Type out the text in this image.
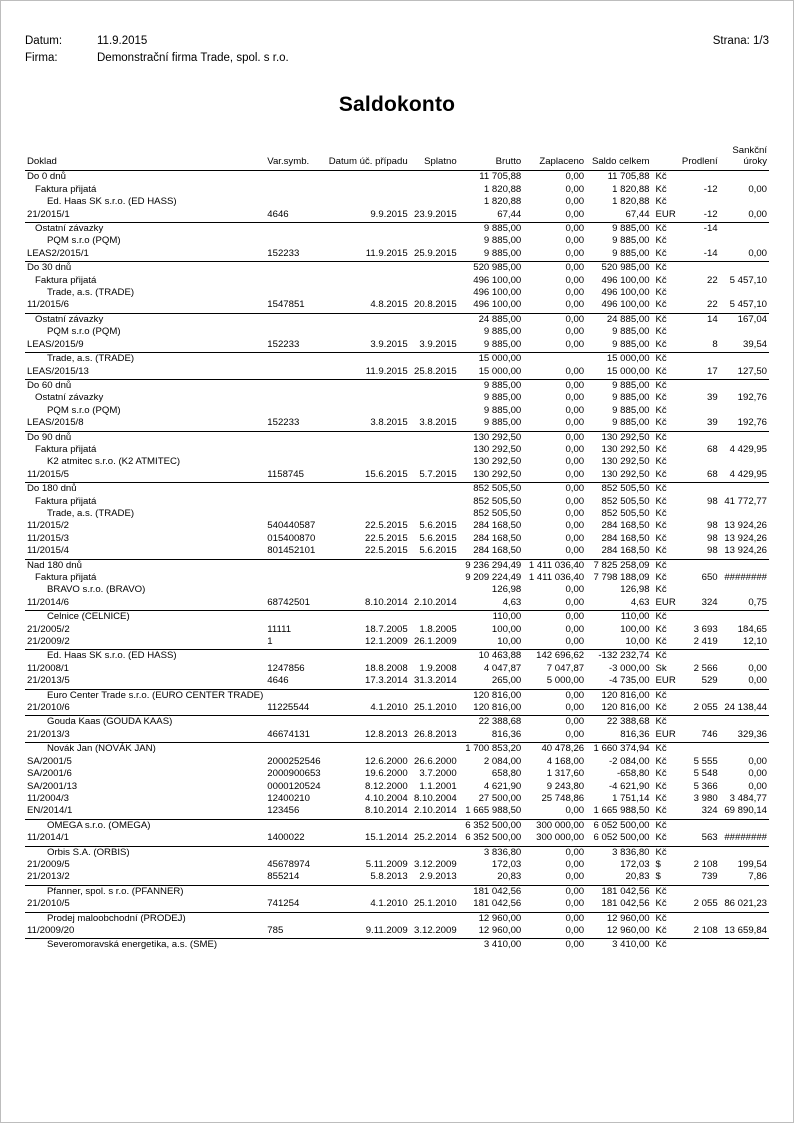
Datum:	11.9.2015	Strana: 1/3
Firma:	Demonstrační firma Trade, spol. s r.o.
Saldokonto
									Sankční
Doklad	Var.symb.	Datum úč. případu	Splatno	Brutto	Zaplaceno	Saldo celkem		Prodlení	úroky
Do 0 dnů				11 705,88	0,00	11 705,88	Kč		
Faktura přijatá				1 820,88	0,00	1 820,88	Kč	-12	0,00
Ed. Haas SK s.r.o. (ED HASS)				1 820,88	0,00	1 820,88	Kč		
21/2015/1	4646	9.9.2015	23.9.2015	67,44	0,00	67,44	EUR	-12	0,00
Ostatní závazky				9 885,00	0,00	9 885,00	Kč	-14	
PQM s.r.o (PQM)				9 885,00	0,00	9 885,00	Kč		
LEAS2/2015/1	152233	11.9.2015	25.9.2015	9 885,00	0,00	9 885,00	Kč	-14	0,00
Do 30 dnů				520 985,00	0,00	520 985,00	Kč		
Faktura přijatá				496 100,00	0,00	496 100,00	Kč	22	5 457,10
Trade, a.s. (TRADE)				496 100,00	0,00	496 100,00	Kč		
11/2015/6	1547851	4.8.2015	20.8.2015	496 100,00	0,00	496 100,00	Kč	22	5 457,10
Ostatní závazky				24 885,00	0,00	24 885,00	Kč	14	167,04
PQM s.r.o (PQM)				9 885,00	0,00	9 885,00	Kč		
LEAS/2015/9	152233	3.9.2015	3.9.2015	9 885,00	0,00	9 885,00	Kč	8	39,54
Trade, a.s. (TRADE)				15 000,00		15 000,00	Kč		
LEAS/2015/13		11.9.2015	25.8.2015	15 000,00	0,00	15 000,00	Kč	17	127,50
Do 60 dnů				9 885,00	0,00	9 885,00	Kč		
Ostatní závazky				9 885,00	0,00	9 885,00	Kč	39	192,76
PQM s.r.o (PQM)				9 885,00	0,00	9 885,00	Kč		
LEAS/2015/8	152233	3.8.2015	3.8.2015	9 885,00	0,00	9 885,00	Kč	39	192,76
Do 90 dnů				130 292,50	0,00	130 292,50	Kč		
Faktura přijatá				130 292,50	0,00	130 292,50	Kč	68	4 429,95
K2 atmitec s.r.o. (K2 ATMITEC)				130 292,50	0,00	130 292,50	Kč		
11/2015/5	1158745	15.6.2015	5.7.2015	130 292,50	0,00	130 292,50	Kč	68	4 429,95
Do 180 dnů				852 505,50	0,00	852 505,50	Kč		
Faktura přijatá				852 505,50	0,00	852 505,50	Kč	98	41 772,77
Trade, a.s. (TRADE)				852 505,50	0,00	852 505,50	Kč		
11/2015/2	540440587	22.5.2015	5.6.2015	284 168,50	0,00	284 168,50	Kč	98	13 924,26
11/2015/3	015400870	22.5.2015	5.6.2015	284 168,50	0,00	284 168,50	Kč	98	13 924,26
11/2015/4	801452101	22.5.2015	5.6.2015	284 168,50	0,00	284 168,50	Kč	98	13 924,26
Nad 180 dnů				9 236 294,49	1 411 036,40	7 825 258,09	Kč		
Faktura přijatá				9 209 224,49	1 411 036,40	7 798 188,09	Kč	650	########
BRAVO s.r.o. (BRAVO)				126,98	0,00	126,98	Kč		
11/2014/6	68742501	8.10.2014	2.10.2014	4,63	0,00	4,63	EUR	324	0,75
Celnice (CELNICE)				110,00	0,00	110,00	Kč		
21/2005/2	11111	18.7.2005	1.8.2005	100,00	0,00	100,00	Kč	3 693	184,65
21/2009/2	1	12.1.2009	26.1.2009	10,00	0,00	10,00	Kč	2 419	12,10
Ed. Haas SK s.r.o. (ED HASS)				10 463,88	142 696,62	-132 232,74	Kč		
11/2008/1	1247856	18.8.2008	1.9.2008	4 047,87	7 047,87	-3 000,00	Sk	2 566	0,00
21/2013/5	4646	17.3.2014	31.3.2014	265,00	5 000,00	-4 735,00	EUR	529	0,00
Euro Center Trade s.r.o. (EURO CENTER TRADE)				120 816,00	0,00	120 816,00	Kč		
21/2010/6	11225544	4.1.2010	25.1.2010	120 816,00	0,00	120 816,00	Kč	2 055	24 138,44
Gouda Kaas (GOUDA KAAS)				22 388,68	0,00	22 388,68	Kč		
21/2013/3	46674131	12.8.2013	26.8.2013	816,36	0,00	816,36	EUR	746	329,36
Novák Jan (NOVÁK JAN)				1 700 853,20	40 478,26	1 660 374,94	Kč		
SA/2001/5	2000252546	12.6.2000	26.6.2000	2 084,00	4 168,00	-2 084,00	Kč	5 555	0,00
SA/2001/6	2000900653	19.6.2000	3.7.2000	658,80	1 317,60	-658,80	Kč	5 548	0,00
SA/2001/13	0000120524	8.12.2000	1.1.2001	4 621,90	9 243,80	-4 621,90	Kč	5 366	0,00
11/2004/3	12400210	4.10.2004	8.10.2004	27 500,00	25 748,86	1 751,14	Kč	3 980	3 484,77
EN/2014/1	123456	8.10.2014	2.10.2014	1 665 988,50	0,00	1 665 988,50	Kč	324	69 890,14
OMEGA s.r.o. (OMEGA)				6 352 500,00	300 000,00	6 052 500,00	Kč		
11/2014/1	1400022	15.1.2014	25.2.2014	6 352 500,00	300 000,00	6 052 500,00	Kč	563	########
Orbis S.A. (ORBIS)				3 836,80	0,00	3 836,80	Kč		
21/2009/5	45678974	5.11.2009	3.12.2009	172,03	0,00	172,03	$	2 108	199,54
21/2013/2	855214	5.8.2013	2.9.2013	20,83	0,00	20,83	$	739	7,86
Pfanner, spol. s r.o. (PFANNER)				181 042,56	0,00	181 042,56	Kč		
21/2010/5	741254	4.1.2010	25.1.2010	181 042,56	0,00	181 042,56	Kč	2 055	86 021,23
Prodej maloobchodní (PRODEJ)				12 960,00	0,00	12 960,00	Kč		
11/2009/20	785	9.11.2009	3.12.2009	12 960,00	0,00	12 960,00	Kč	2 108	13 659,84
Severomoravská energetika, a.s. (SME)				3 410,00	0,00	3 410,00	Kč		
